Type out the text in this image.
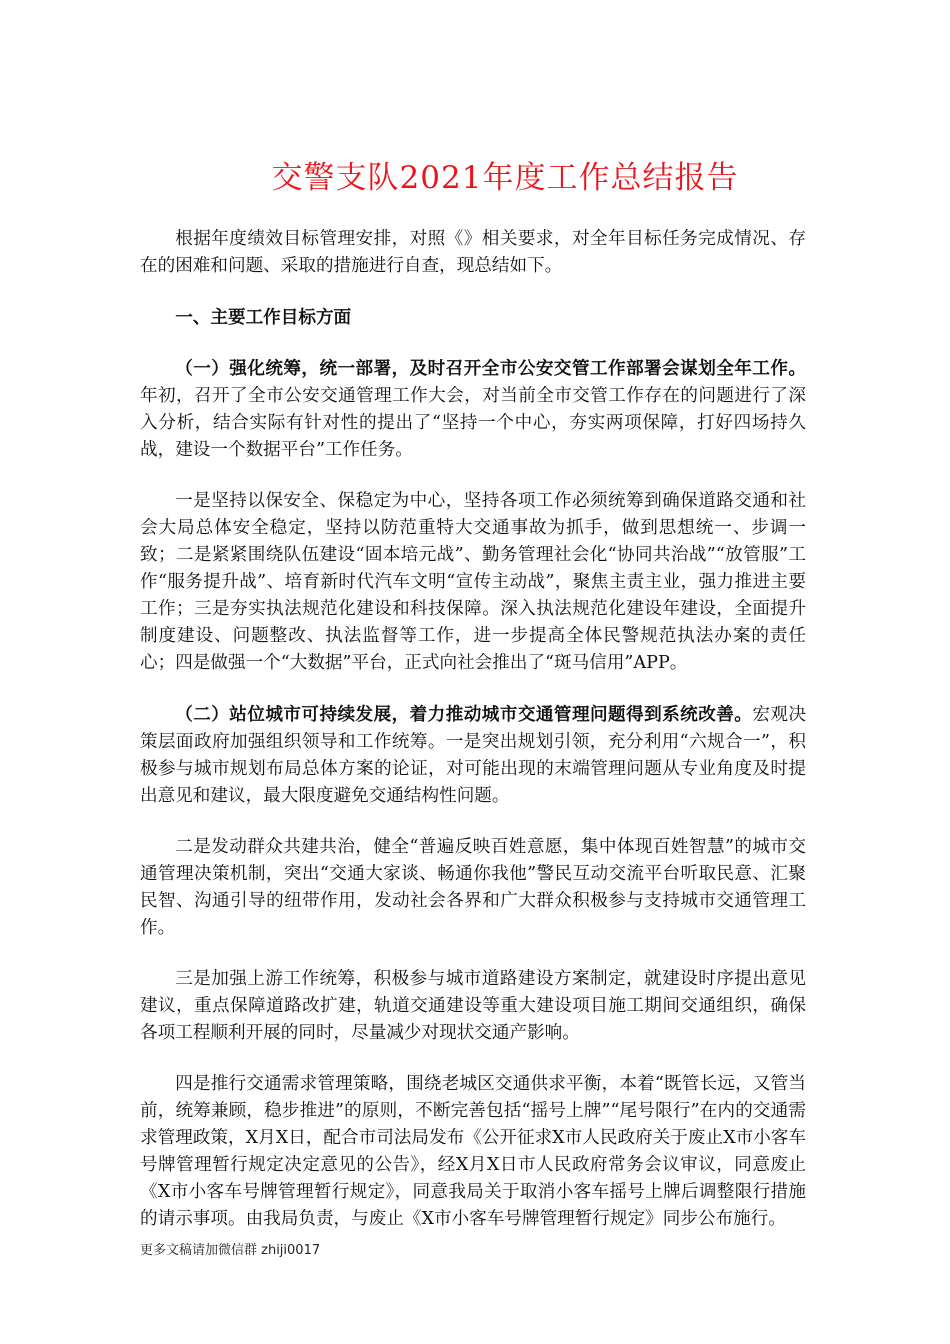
交警支队2021年度工作总结报告

根据年度绩效目标管理安排，对照《》相关要求，对全年目标任务完成情况、存在的困难和问题、采取的措施进行自查，现总结如下。

一、主要工作目标方面

（一）强化统筹，统一部署，及时召开全市公安交管工作部署会谋划全年工作。年初，召开了全市公安交通管理工作大会，对当前全市交管工作存在的问题进行了深入分析，结合实际有针对性的提出了“坚持一个中心，夯实两项保障，打好四场持久战，建设一个数据平台”工作任务。

一是坚持以保安全、保稳定为中心，坚持各项工作必须统筹到确保道路交通和社会大局总体安全稳定，坚持以防范重特大交通事故为抓手，做到思想统一、步调一致；二是紧紧围绕队伍建设“固本培元战”、勤务管理社会化“协同共治战”“放管服”工作“服务提升战”、培育新时代汽车文明“宣传主动战”，聚焦主责主业，强力推进主要工作；三是夯实执法规范化建设和科技保障。深入执法规范化建设年建设，全面提升制度建设、问题整改、执法监督等工作，进一步提高全体民警规范执法办案的责任心；四是做强一个“大数据”平台，正式向社会推出了“斑马信用”APP。

（二）站位城市可持续发展，着力推动城市交通管理问题得到系统改善。宏观决策层面政府加强组织领导和工作统筹。一是突出规划引领，充分利用“六规合一”，积极参与城市规划布局总体方案的论证，对可能出现的末端管理问题从专业角度及时提出意见和建议，最大限度避免交通结构性问题。

二是发动群众共建共治，健全“普遍反映百姓意愿，集中体现百姓智慧”的城市交通管理决策机制，突出“交通大家谈、畅通你我他”警民互动交流平台听取民意、汇聚民智、沟通引导的纽带作用，发动社会各界和广大群众积极参与支持城市交通管理工作。

三是加强上游工作统筹，积极参与城市道路建设方案制定，就建设时序提出意见建议，重点保障道路改扩建，轨道交通建设等重大建设项目施工期间交通组织，确保各项工程顺利开展的同时，尽量减少对现状交通产影响。

四是推行交通需求管理策略，围绕老城区交通供求平衡，本着“既管长远，又管当前，统筹兼顾，稳步推进”的原则，不断完善包括“摇号上牌”“尾号限行”在内的交通需求管理政策，X月X日，配合市司法局发布《公开征求X市人民政府关于废止X市小客车号牌管理暂行规定决定意见的公告》，经X月X日市人民政府常务会议审议，同意废止《X市小客车号牌管理暂行规定》，同意我局关于取消小客车摇号上牌后调整限行措施的请示事项。由我局负责，与废止《X市小客车号牌管理暂行规定》同步公布施行。

更多文稿请加微信群 zhiji0017
